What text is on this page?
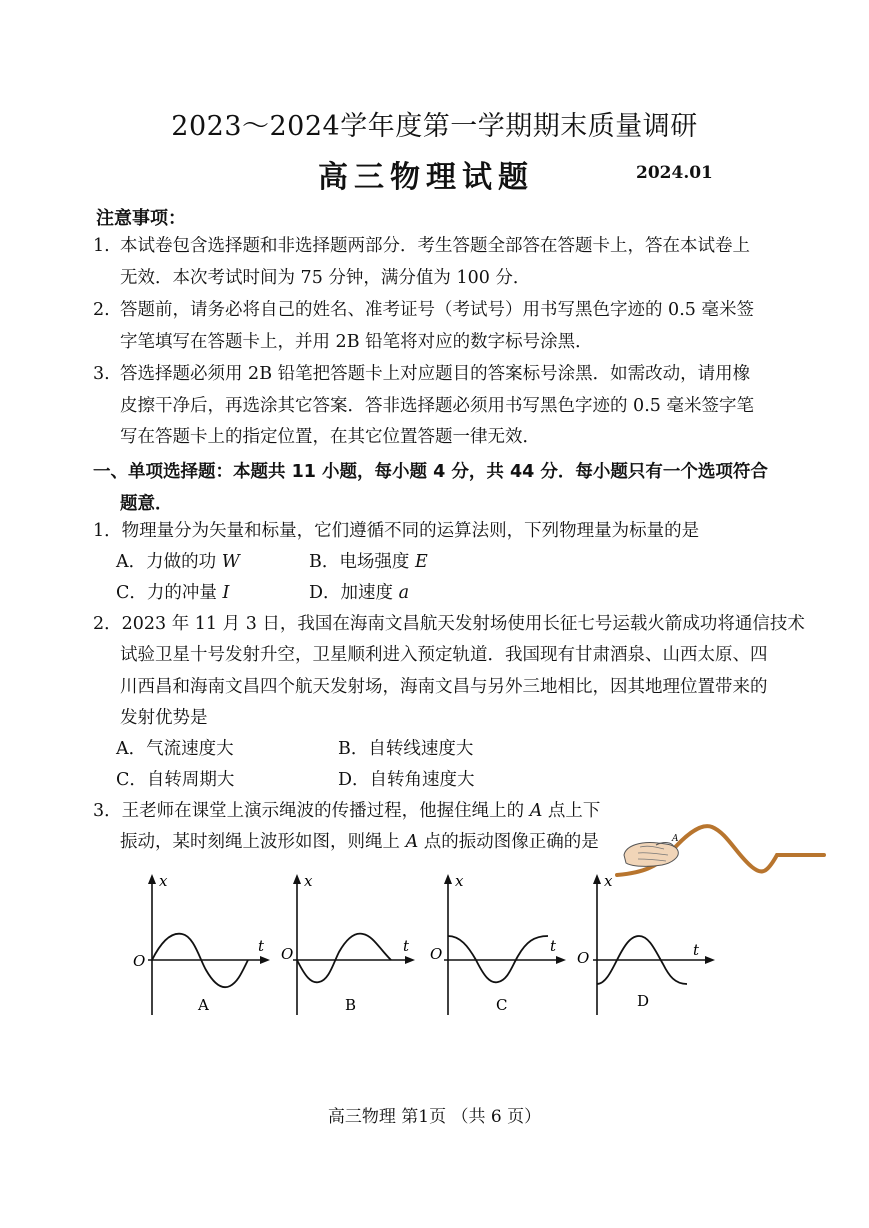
2023～2024学年度第一学期期末质量调研
高三物理试题	2024.01
注意事项：
1. 本试卷包含选择题和非选择题两部分．考生答题全部答在答题卡上，答在本试卷上
无效．本次考试时间为 75 分钟，满分值为 100 分．
2. 答题前，请务必将自己的姓名、准考证号（考试号）用书写黑色字迹的 0.5 毫米签
字笔填写在答题卡上，并用 2B 铅笔将对应的数字标号涂黑．
3. 答选择题必须用 2B 铅笔把答题卡上对应题目的答案标号涂黑．如需改动，请用橡
皮擦干净后，再选涂其它答案．答非选择题必须用书写黑色字迹的 0.5 毫米签字笔
写在答题卡上的指定位置，在其它位置答题一律无效．
一、单项选择题：本题共 11 小题，每小题 4 分，共 44 分．每小题只有一个选项符合
题意．
1．物理量分为矢量和标量，它们遵循不同的运算法则，下列物理量为标量的是
A．力做的功 W	B．电场强度 E
C．力的冲量 I	D．加速度 a
2．2023 年 11 月 3 日，我国在海南文昌航天发射场使用长征七号运载火箭成功将通信技术
试验卫星十号发射升空，卫星顺利进入预定轨道．我国现有甘肃酒泉、山西太原、四
川西昌和海南文昌四个航天发射场，海南文昌与另外三地相比，因其地理位置带来的
发射优势是
A．气流速度大	B．自转线速度大
C．自转周期大	D．自转角速度大
3．王老师在课堂上演示绳波的传播过程，他握住绳上的 A 点上下
振动，某时刻绳上波形如图，则绳上 A 点的振动图像正确的是	A
x
t
O
A
x
t
O
B
x
t
O
C
x
t
O
D
高三物理 第1页 （共 6 页）
